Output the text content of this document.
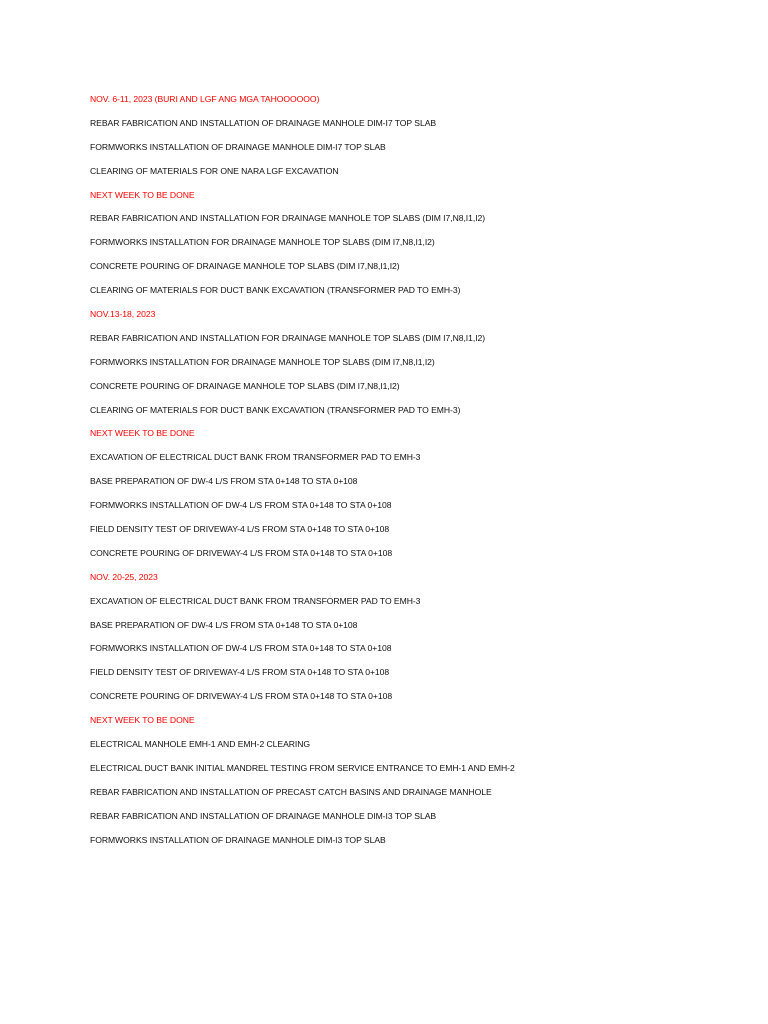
NOV. 6-11, 2023 (BURI AND LGF ANG MGA TAHOOOOOO)
REBAR FABRICATION AND INSTALLATION OF DRAINAGE MANHOLE DIM-I7 TOP SLAB
FORMWORKS INSTALLATION OF DRAINAGE MANHOLE DIM-I7 TOP SLAB
CLEARING OF MATERIALS FOR ONE NARA LGF EXCAVATION
NEXT WEEK TO BE DONE
REBAR FABRICATION AND INSTALLATION FOR DRAINAGE MANHOLE TOP SLABS (DIM I7,N8,I1,I2)
FORMWORKS INSTALLATION FOR DRAINAGE MANHOLE TOP SLABS (DIM I7,N8,I1,I2)
CONCRETE POURING OF DRAINAGE MANHOLE TOP SLABS (DIM I7,N8,I1,I2)
CLEARING OF MATERIALS FOR DUCT BANK EXCAVATION (TRANSFORMER PAD TO EMH-3)
NOV.13-18, 2023
REBAR FABRICATION AND INSTALLATION FOR DRAINAGE MANHOLE TOP SLABS (DIM I7,N8,I1,I2)
FORMWORKS INSTALLATION FOR DRAINAGE MANHOLE TOP SLABS (DIM I7,N8,I1,I2)
CONCRETE POURING OF DRAINAGE MANHOLE TOP SLABS (DIM I7,N8,I1,I2)
CLEARING OF MATERIALS FOR DUCT BANK EXCAVATION (TRANSFORMER PAD TO EMH-3)
NEXT WEEK TO BE DONE
EXCAVATION OF ELECTRICAL DUCT BANK FROM TRANSFORMER PAD TO EMH-3
BASE PREPARATION OF DW-4 L/S FROM STA 0+148 TO STA 0+108
FORMWORKS INSTALLATION OF DW-4 L/S FROM STA 0+148 TO STA 0+108
FIELD DENSITY TEST OF DRIVEWAY-4 L/S FROM STA 0+148 TO STA 0+108
CONCRETE POURING OF DRIVEWAY-4 L/S FROM STA 0+148 TO STA 0+108
NOV. 20-25, 2023
EXCAVATION OF ELECTRICAL DUCT BANK FROM TRANSFORMER PAD TO EMH-3
BASE PREPARATION OF DW-4 L/S FROM STA 0+148 TO STA 0+108
FORMWORKS INSTALLATION OF DW-4 L/S FROM STA 0+148 TO STA 0+108
FIELD DENSITY TEST OF DRIVEWAY-4 L/S FROM STA 0+148 TO STA 0+108
CONCRETE POURING OF DRIVEWAY-4 L/S FROM STA 0+148 TO STA 0+108
NEXT WEEK TO BE DONE
ELECTRICAL MANHOLE EMH-1 AND EMH-2 CLEARING
ELECTRICAL DUCT BANK INITIAL MANDREL TESTING FROM SERVICE ENTRANCE TO EMH-1 AND EMH-2
REBAR FABRICATION AND INSTALLATION OF PRECAST CATCH BASINS AND DRAINAGE MANHOLE
REBAR FABRICATION AND INSTALLATION OF DRAINAGE MANHOLE DIM-I3 TOP SLAB
FORMWORKS INSTALLATION OF DRAINAGE MANHOLE DIM-I3 TOP SLAB
